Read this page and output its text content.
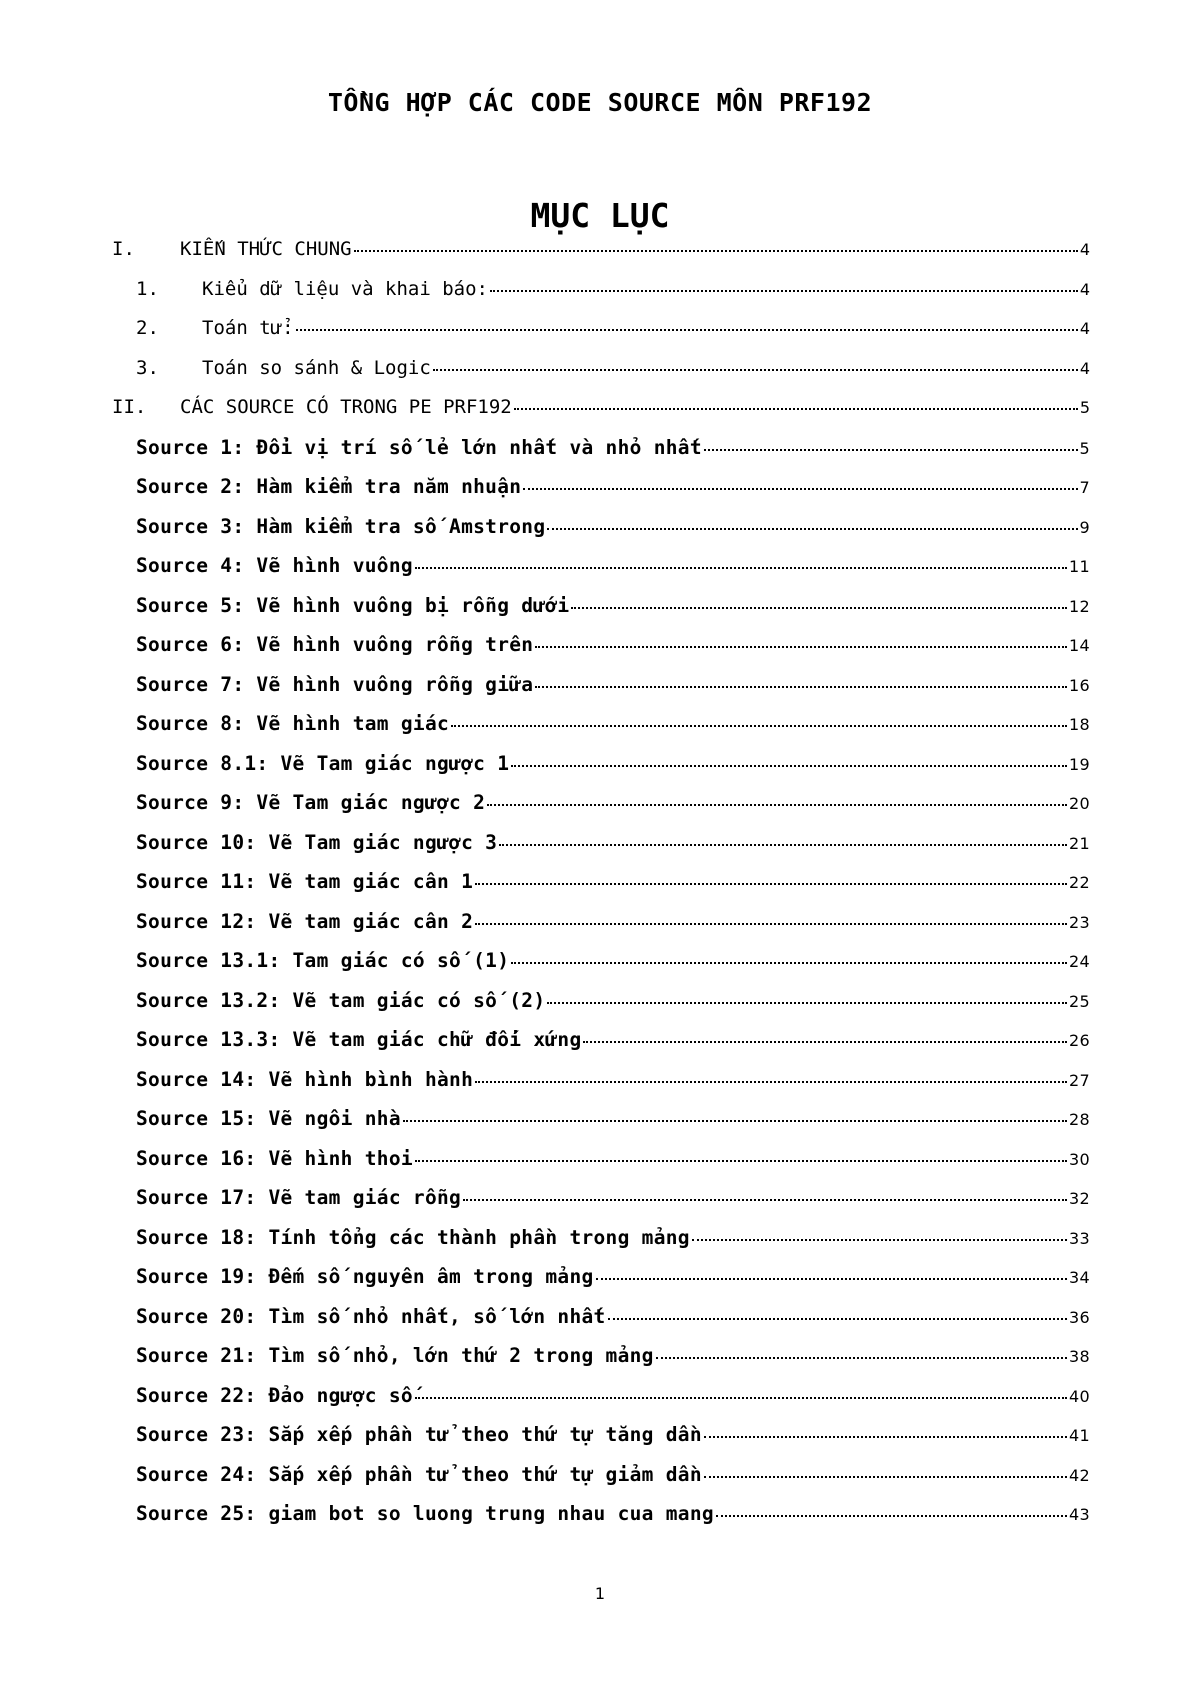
TỒNG HỢP CÁC CODE SOURCE MÔN PRF192
MỤC LỤC
I.	KIẾN THỨC CHUNG	4
1.	Kiểu dữ liệu và khai báo:	4
2.	Toán tử:	4
3.	Toán so sánh & Logic	4
II.	CÁC SOURCE CÓ TRONG PE PRF192	5
Source 1: Đổi vị trí số lẻ lớn nhất và nhỏ nhất	5
Source 2: Hàm kiểm tra năm nhuận	7
Source 3: Hàm kiểm tra số Amstrong	9
Source 4: Vẽ hình vuông	11
Source 5: Vẽ hình vuông bị rỗng dưới	12
Source 6: Vẽ hình vuông rỗng trên	14
Source 7: Vẽ hình vuông rỗng giữa	16
Source 8: Vẽ hình tam giác	18
Source 8.1: Vẽ Tam giác ngược 1	19
Source 9: Vẽ Tam giác ngược 2	20
Source 10: Vẽ Tam giác ngược 3	21
Source 11: Vẽ tam giác cân 1	22
Source 12: Vẽ tam giác cân 2	23
Source 13.1: Tam giác có số (1)	24
Source 13.2: Vẽ tam giác có số (2)	25
Source 13.3: Vẽ tam giác chữ đối xứng	26
Source 14: Vẽ hình bình hành	27
Source 15: Vẽ ngôi nhà	28
Source 16: Vẽ hình thoi	30
Source 17: Vẽ tam giác rỗng	32
Source 18: Tính tổng các thành phần trong mảng	33
Source 19: Đếm số nguyên âm trong mảng	34
Source 20: Tìm số nhỏ nhất, số lớn nhất	36
Source 21: Tìm số nhỏ, lớn thứ 2 trong mảng	38
Source 22: Đảo ngược số	40
Source 23: Sắp xếp phần tử theo thứ tự tăng dần	41
Source 24: Sắp xếp phần tử theo thứ tự giảm dần	42
Source 25: giam bot so luong trung nhau cua mang	43
1
